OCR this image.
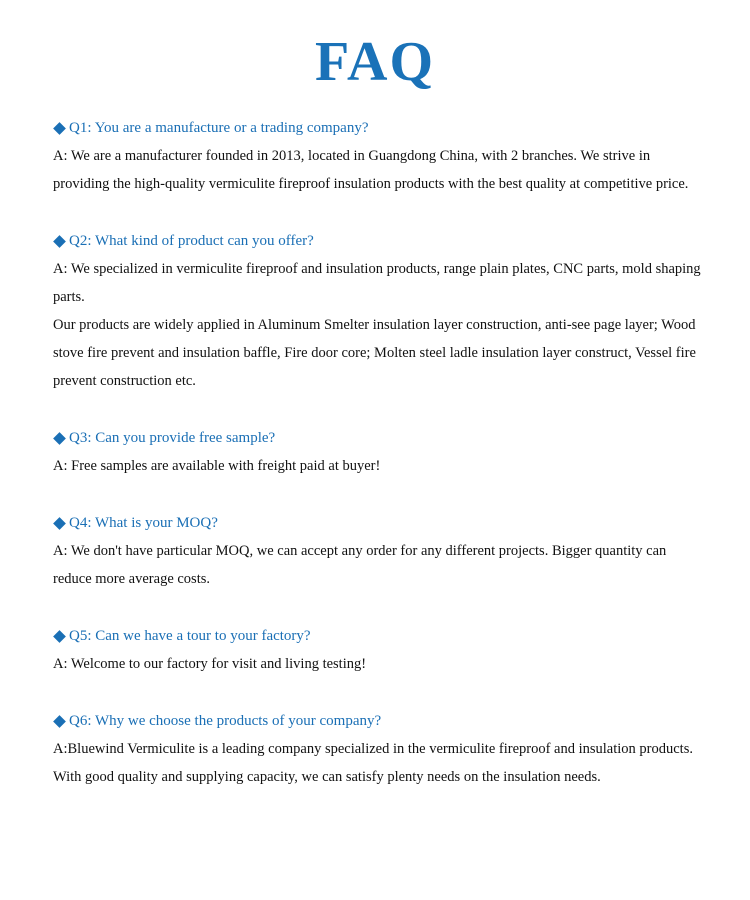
FAQ
Q1: You are a manufacture or a trading company?

A: We are a manufacturer founded in 2013, located in Guangdong China, with 2 branches. We strive in providing the high-quality vermiculite fireproof insulation products with the best quality at competitive price.

Q2: What kind of product can you offer?

A: We specialized in vermiculite fireproof and insulation products, range plain plates, CNC parts, mold shaping parts.

Our products are widely applied in Aluminum Smelter insulation layer construction, anti-see page layer; Wood stove fire prevent and insulation baffle, Fire door core; Molten steel ladle insulation layer construct, Vessel fire prevent construction etc.

Q3: Can you provide free sample?

A: Free samples are available with freight paid at buyer!

Q4: What is your MOQ?

A: We don't have particular MOQ, we can accept any order for any different projects. Bigger quantity can reduce more average costs.

Q5: Can we have a tour to your factory?

A: Welcome to our factory for visit and living testing!

Q6: Why we choose the products of your company?

A:Bluewind Vermiculite is a leading company specialized in the vermiculite fireproof and insulation products. With good quality and supplying capacity, we can satisfy plenty needs on the insulation needs.
